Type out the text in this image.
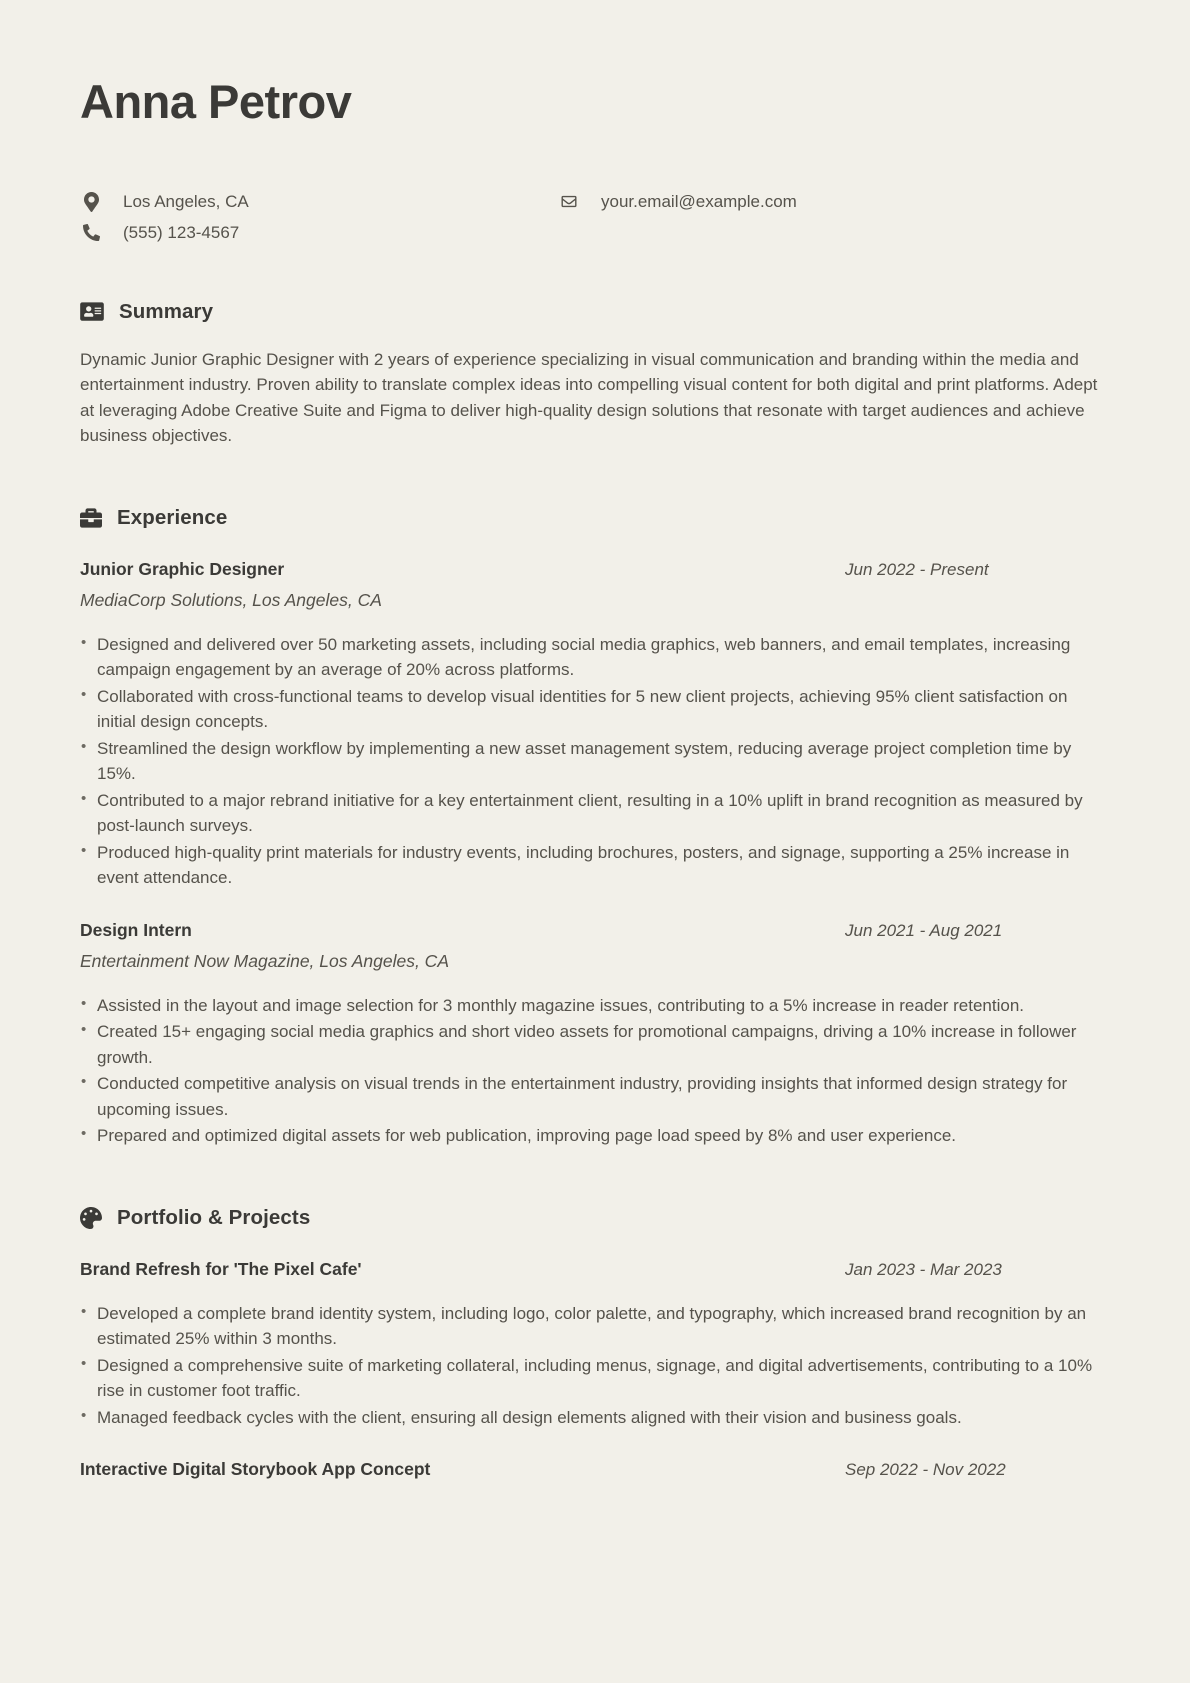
Anna Petrov
Los Angeles, CA	your.email@example.com
(555) 123-4567
Summary

Dynamic Junior Graphic Designer with 2 years of experience specializing in visual communication and branding within the media and entertainment industry. Proven ability to translate complex ideas into compelling visual content for both digital and print platforms. Adept at leveraging Adobe Creative Suite and Figma to deliver high-quality design solutions that resonate with target audiences and achieve business objectives.

Experience
Junior Graphic Designer	Jun 2022 - Present
MediaCorp Solutions, Los Angeles, CA
• Designed and delivered over 50 marketing assets, including social media graphics, web banners, and email templates, increasing campaign engagement by an average of 20% across platforms.
• Collaborated with cross-functional teams to develop visual identities for 5 new client projects, achieving 95% client satisfaction on initial design concepts.
• Streamlined the design workflow by implementing a new asset management system, reducing average project completion time by 15%.
• Contributed to a major rebrand initiative for a key entertainment client, resulting in a 10% uplift in brand recognition as measured by post-launch surveys.
• Produced high-quality print materials for industry events, including brochures, posters, and signage, supporting a 25% increase in event attendance.
Design Intern	Jun 2021 - Aug 2021
Entertainment Now Magazine, Los Angeles, CA
• Assisted in the layout and image selection for 3 monthly magazine issues, contributing to a 5% increase in reader retention.
• Created 15+ engaging social media graphics and short video assets for promotional campaigns, driving a 10% increase in follower growth.
• Conducted competitive analysis on visual trends in the entertainment industry, providing insights that informed design strategy for upcoming issues.
• Prepared and optimized digital assets for web publication, improving page load speed by 8% and user experience.
Portfolio & Projects
Brand Refresh for 'The Pixel Cafe'	Jan 2023 - Mar 2023
• Developed a complete brand identity system, including logo, color palette, and typography, which increased brand recognition by an estimated 25% within 3 months.
• Designed a comprehensive suite of marketing collateral, including menus, signage, and digital advertisements, contributing to a 10% rise in customer foot traffic.
• Managed feedback cycles with the client, ensuring all design elements aligned with their vision and business goals.
Interactive Digital Storybook App Concept	Sep 2022 - Nov 2022
